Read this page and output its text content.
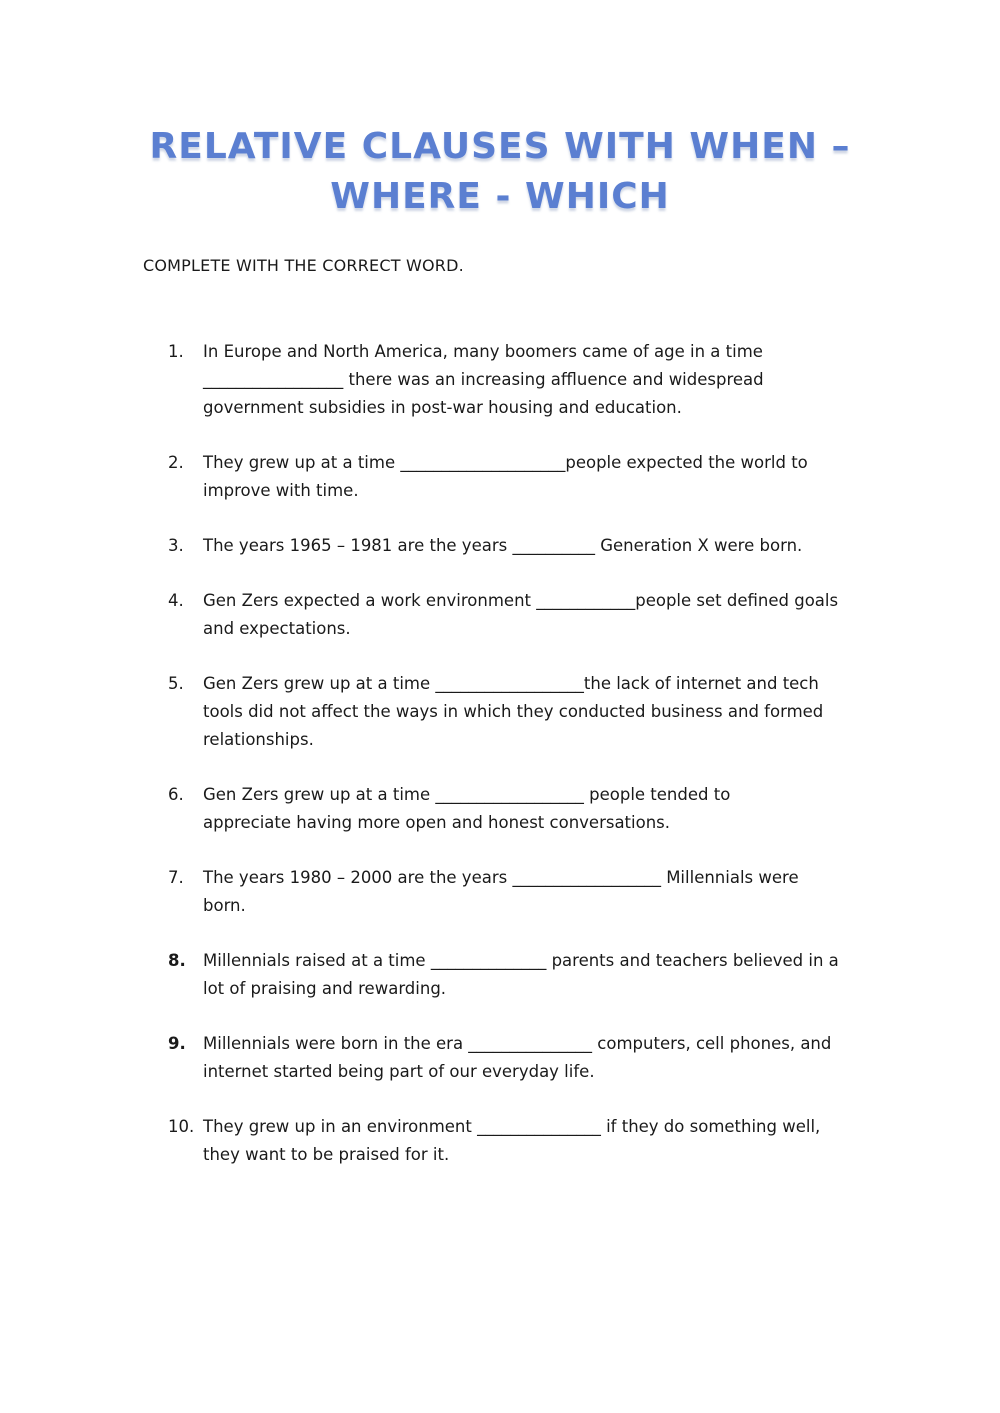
RELATIVE CLAUSES WITH WHEN –
WHERE - WHICH
COMPLETE WITH THE CORRECT WORD.
1. In Europe and North America, many boomers came of age in a time _________________ there was an increasing affluence and widespread government subsidies in post-war housing and education.
2. They grew up at a time ____________________people expected the world to improve with time.
3. The years 1965 – 1981 are the years __________ Generation X were born.
4. Gen Zers expected a work environment ____________people set defined goals and expectations.
5. Gen Zers grew up at a time __________________the lack of internet and tech tools did not affect the ways in which they conducted business and formed relationships.
6. Gen Zers grew up at a time __________________ people tended to appreciate having more open and honest conversations.
7. The years 1980 – 2000 are the years __________________ Millennials were born.
8. Millennials raised at a time ______________ parents and teachers believed in a lot of praising and rewarding.
9. Millennials were born in the era _______________ computers, cell phones, and internet started being part of our everyday life.
10. They grew up in an environment _______________ if they do something well, they want to be praised for it.
